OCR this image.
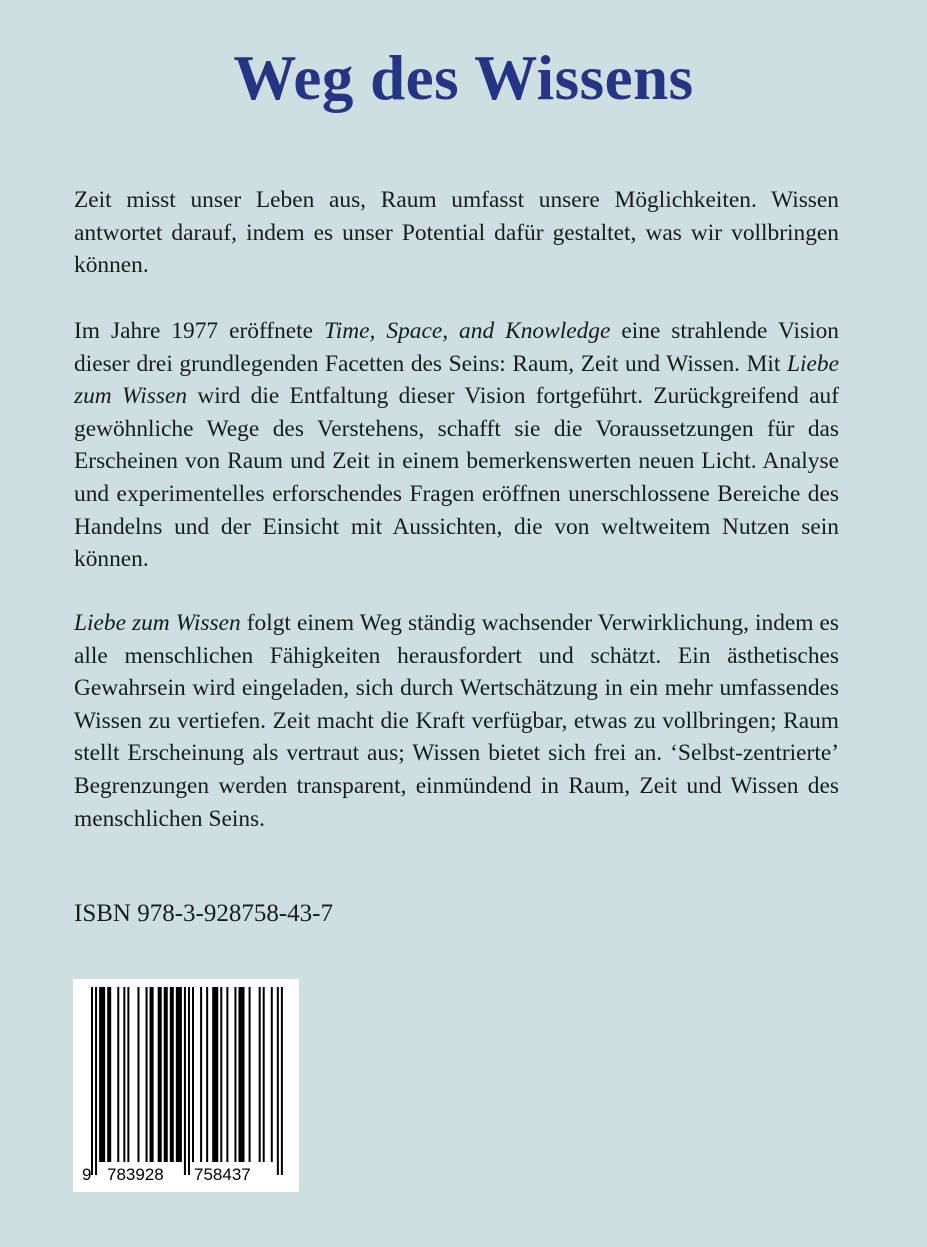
Weg des Wissens

Zeit misst unser Leben aus, Raum umfasst unsere Möglichkeiten. Wissen antwortet darauf, indem es unser Potential dafür gestaltet, was wir vollbringen können.

Im Jahre 1977 eröffnete Time, Space, and Knowledge eine strahlende Vision dieser drei grundlegenden Facetten des Seins: Raum, Zeit und Wissen. Mit Liebe zum Wissen wird die Entfaltung dieser Vision fortgeführt. Zurückgreifend auf gewöhnliche Wege des Verstehens, schafft sie die Voraussetzungen für das Erscheinen von Raum und Zeit in einem bemerkenswerten neuen Licht. Analyse und experimentelles erforschendes Fragen eröffnen unerschlossene Bereiche des Handelns und der Einsicht mit Aussichten, die von weltweitem Nutzen sein können.

Liebe zum Wissen folgt einem Weg ständig wachsender Verwirklichung, indem es alle menschlichen Fähigkeiten herausfordert und schätzt. Ein ästhetisches Gewahrsein wird eingeladen, sich durch Wertschätzung in ein mehr umfassendes Wissen zu vertiefen. Zeit macht die Kraft verfügbar, etwas zu vollbringen; Raum stellt Erscheinung als vertraut aus; Wissen bietet sich frei an. ‘Selbst-zentrierte’ Begrenzungen werden transparent, einmündend in Raum, Zeit und Wissen des menschlichen Seins.

ISBN 978-3-928758-43-7

9 783928 758437
